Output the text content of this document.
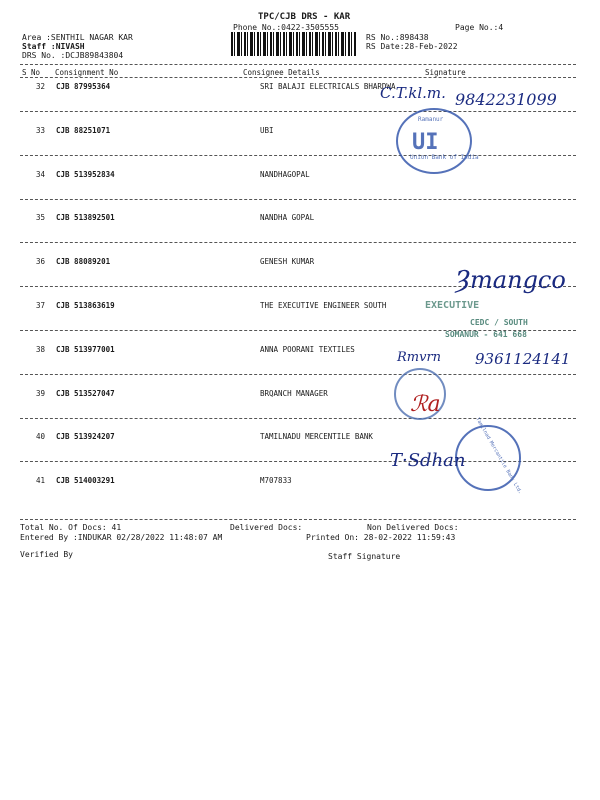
TPC/CJB DRS - KAR
Phone No.:0422-3505555	Page No.:4
Area :SENTHIL NAGAR KAR
Staff :NIVASH
DRS No. :DCJB89843804
RS No.:898438
RS Date:28-Feb-2022
S No Consignment No	Consignee Details	Signature
32 CJB 87995364	SRI BALAJI ELECTRICALS BHARDWA
33 CJB 88251071	UBI
34 CJB 513952834	NANDHAGOPAL
35 CJB 513892501	NANDHA GOPAL
36 CJB 88089201	GENESH KUMAR
37 CJB 513863619	THE EXECUTIVE ENGINEER SOUTH
38 CJB 513977001	ANNA POORANI TEXTILES
39 CJB 513527047	BRQANCH MANAGER
40 CJB 513924207	TAMILNADU MERCENTILE BANK
41 CJB 514003291	M707833
UI
Union Bank of India
Ramanur
C.T.kl.m. 9842231099
EXECUTIVE
CEDC / SOUTH
SOMANUR - 641 668
Ȝmangco
Rmvrn 9361124141
ℛa
Tamilnad Mercantile Bank Ltd.
T·Sdhan
Total No. Of Docs: 41	Delivered Docs:	Non Delivered Docs:
Entered By :INDUKAR 02/28/2022 11:48:07 AM	Printed On: 28-02-2022 11:59:43
Verified By	Staff Signature
